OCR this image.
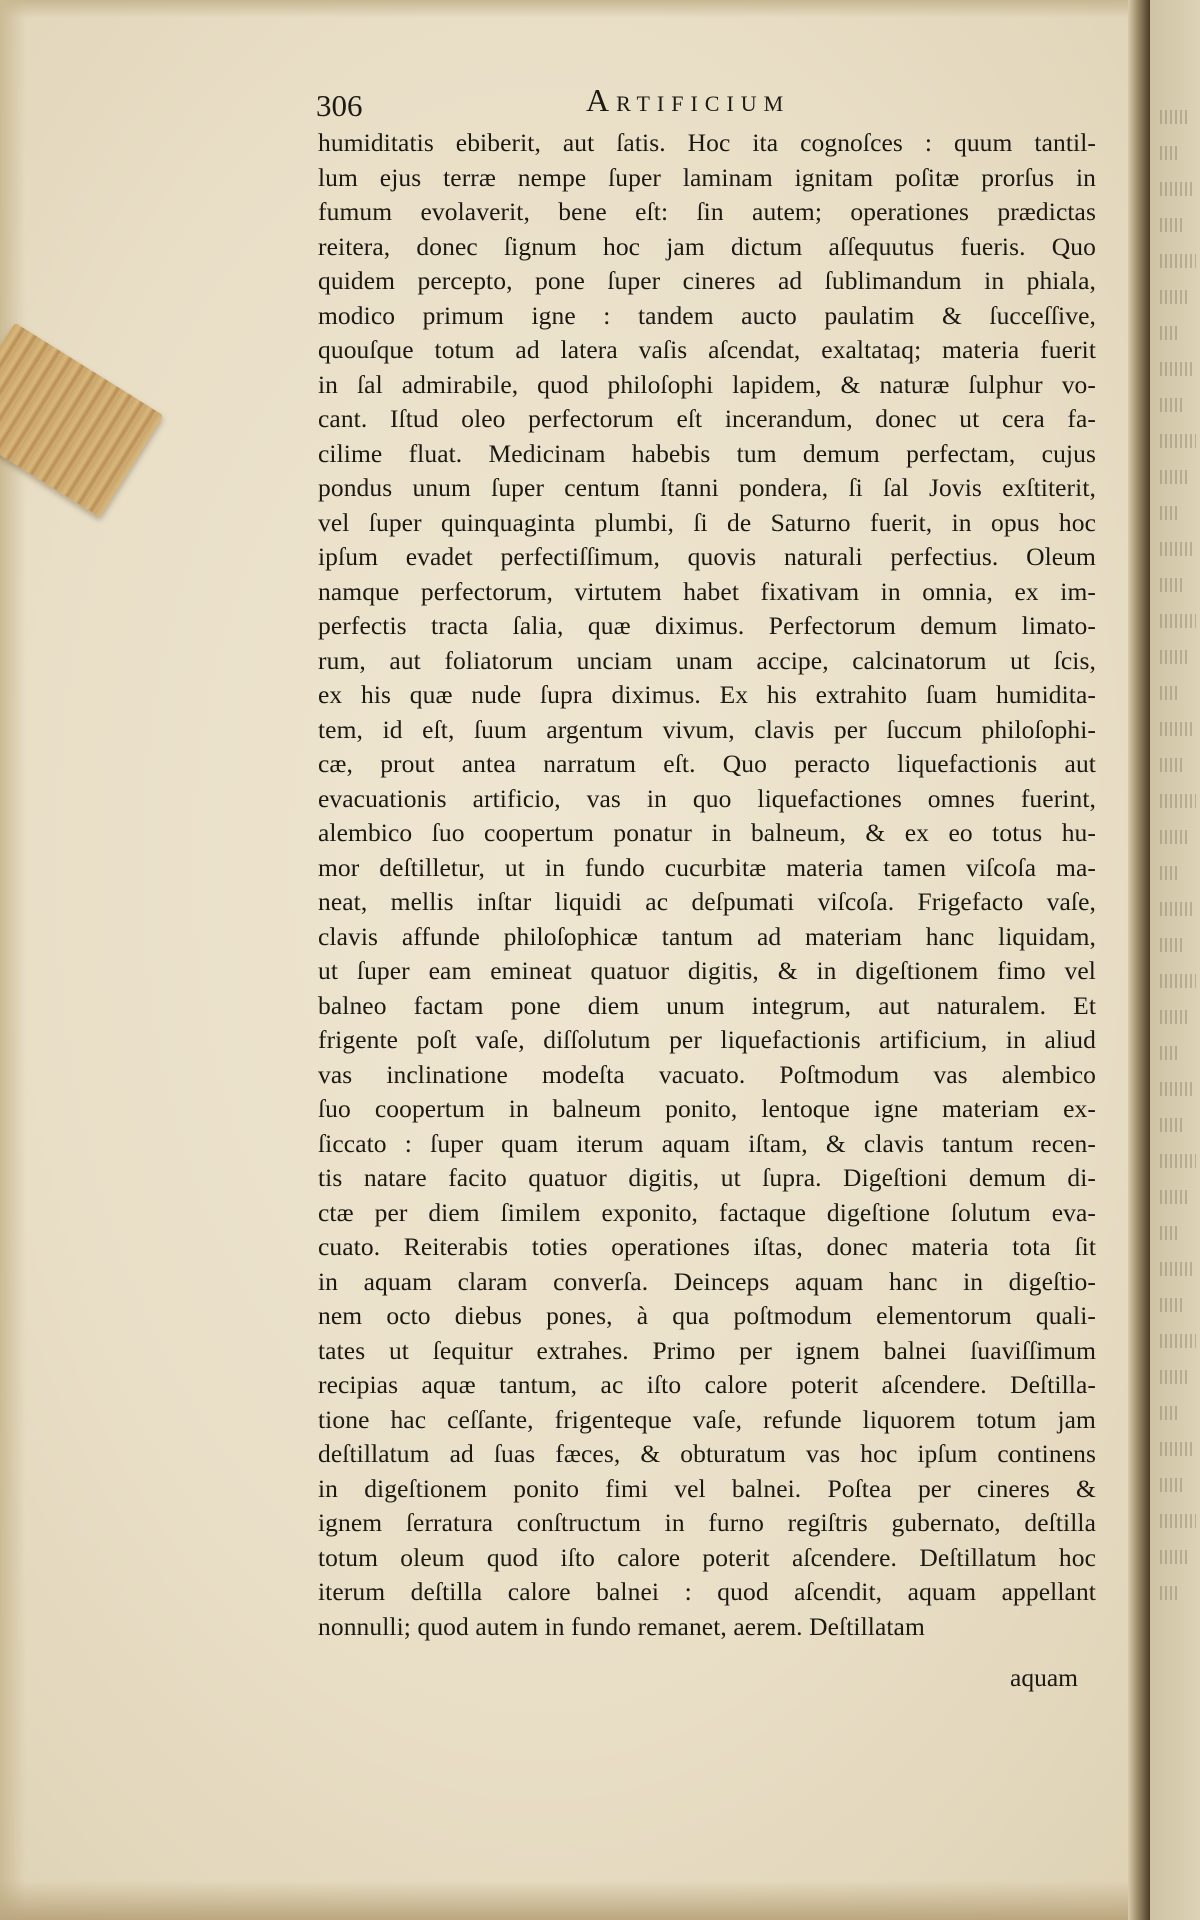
306	Artificium
humiditatis ebiberit, aut ſatis. Hoc ita cognoſces : quum tantil-
lum ejus terræ nempe ſuper laminam ignitam poſitæ prorſus in
fumum evolaverit, bene eſt: ſin autem; operationes prædictas
reitera, donec ſignum hoc jam dictum aſſequutus fueris. Quo
quidem percepto, pone ſuper cineres ad ſublimandum in phiala,
modico primum igne : tandem aucto paulatim & ſucceſſive,
quouſque totum ad latera vaſis aſcendat, exaltataq; materia fuerit
in ſal admirabile, quod philoſophi lapidem, & naturæ ſulphur vo-
cant. Iſtud oleo perfectorum eſt incerandum, donec ut cera fa-
cilime fluat. Medicinam habebis tum demum perfectam, cujus
pondus unum ſuper centum ſtanni pondera, ſi ſal Jovis exſtiterit,
vel ſuper quinquaginta plumbi, ſi de Saturno fuerit, in opus hoc
ipſum evadet perfectiſſimum, quovis naturali perfectius. Oleum
namque perfectorum, virtutem habet fixativam in omnia, ex im-
perfectis tracta ſalia, quæ diximus. Perfectorum demum limato-
rum, aut foliatorum unciam unam accipe, calcinatorum ut ſcis,
ex his quæ nude ſupra diximus. Ex his extrahito ſuam humidita-
tem, id eſt, ſuum argentum vivum, clavis per ſuccum philoſophi-
cæ, prout antea narratum eſt. Quo peracto liquefactionis aut
evacuationis artificio, vas in quo liquefactiones omnes fuerint,
alembico ſuo coopertum ponatur in balneum, & ex eo totus hu-
mor deſtilletur, ut in fundo cucurbitæ materia tamen viſcoſa ma-
neat, mellis inſtar liquidi ac deſpumati viſcoſa. Frigefacto vaſe,
clavis affunde philoſophicæ tantum ad materiam hanc liquidam,
ut ſuper eam emineat quatuor digitis, & in digeſtionem fimo vel
balneo factam pone diem unum integrum, aut naturalem. Et
frigente poſt vaſe, diſſolutum per liquefactionis artificium, in aliud
vas inclinatione modeſta vacuato. Poſtmodum vas alembico
ſuo coopertum in balneum ponito, lentoque igne materiam ex-
ſiccato : ſuper quam iterum aquam iſtam, & clavis tantum recen-
tis natare facito quatuor digitis, ut ſupra. Digeſtioni demum di-
ctæ per diem ſimilem exponito, factaque digeſtione ſolutum eva-
cuato. Reiterabis toties operationes iſtas, donec materia tota ſit
in aquam claram converſa. Deinceps aquam hanc in digeſtio-
nem octo diebus pones, à qua poſtmodum elementorum quali-
tates ut ſequitur extrahes. Primo per ignem balnei ſuaviſſimum
recipias aquæ tantum, ac iſto calore poterit aſcendere. Deſtilla-
tione hac ceſſante, frigenteque vaſe, refunde liquorem totum jam
deſtillatum ad ſuas fæces, & obturatum vas hoc ipſum continens
in digeſtionem ponito fimi vel balnei. Poſtea per cineres &
ignem ſerratura conſtructum in furno regiſtris gubernato, deſtilla
totum oleum quod iſto calore poterit aſcendere. Deſtillatum hoc
iterum deſtilla calore balnei : quod aſcendit, aquam appellant
nonnulli; quod autem in fundo remanet, aerem. Deſtillatam
aquam
